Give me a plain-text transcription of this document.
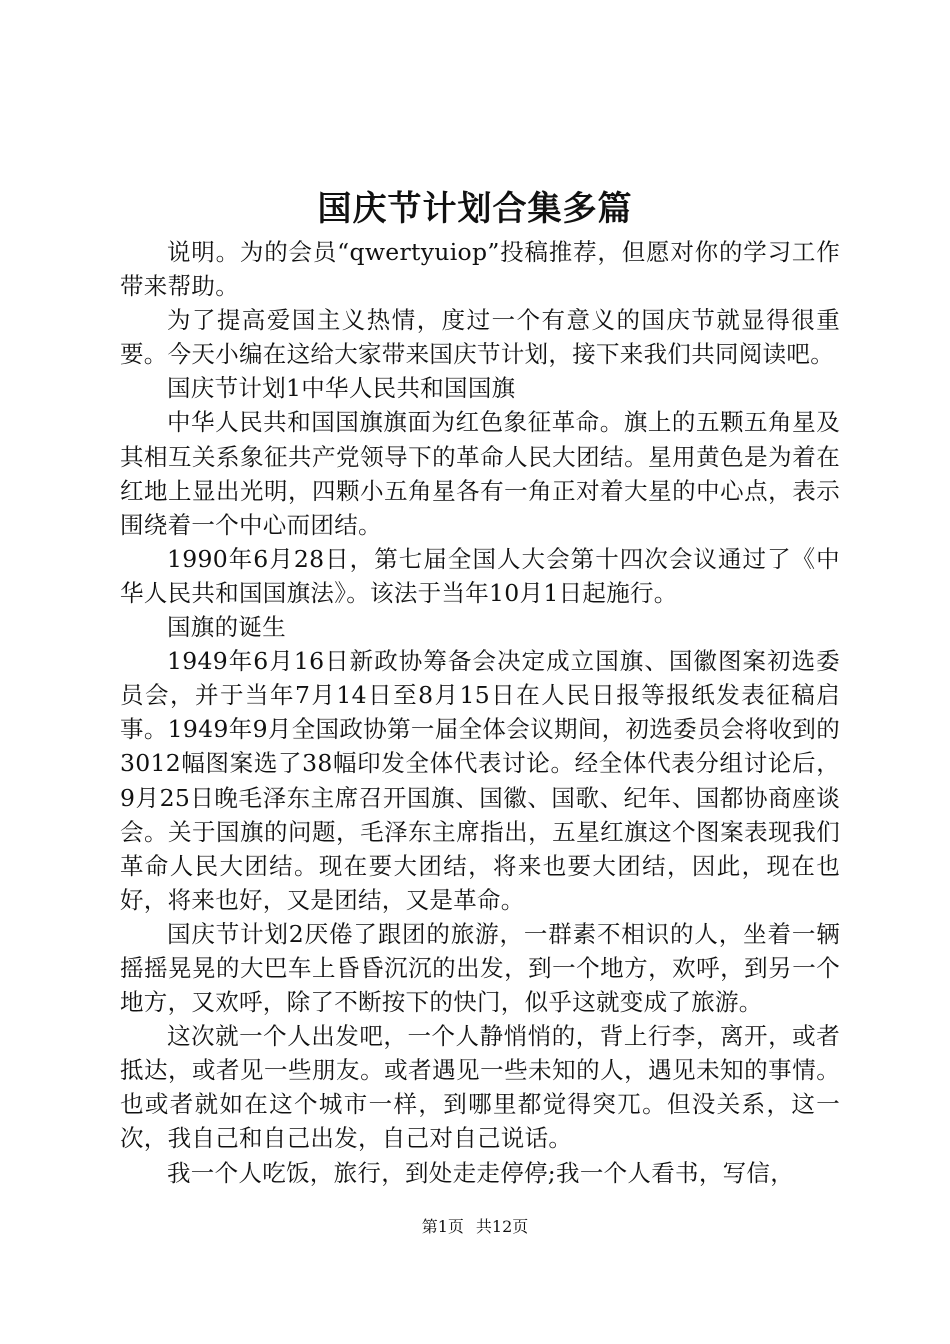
国庆节计划合集多篇

说明。为的会员“qwertyuiop”投稿推荐，但愿对你的学习工作带来帮助。

为了提高爱国主义热情，度过一个有意义的国庆节就显得很重要。今天小编在这给大家带来国庆节计划，接下来我们共同阅读吧。

国庆节计划1中华人民共和国国旗

中华人民共和国国旗旗面为红色象征革命。旗上的五颗五角星及其相互关系象征共产党领导下的革命人民大团结。星用黄色是为着在红地上显出光明，四颗小五角星各有一角正对着大星的中心点，表示围绕着一个中心而团结。

1990年6月28日，第七届全国人大会第十四次会议通过了《中华人民共和国国旗法》。该法于当年10月1日起施行。

国旗的诞生

1949年6月16日新政协筹备会决定成立国旗、国徽图案初选委员会，并于当年7月14日至8月15日在人民日报等报纸发表征稿启事。1949年9月全国政协第一届全体会议期间，初选委员会将收到的3012幅图案选了38幅印发全体代表讨论。经全体代表分组讨论后，9月25日晚毛泽东主席召开国旗、国徽、国歌、纪年、国都协商座谈会。关于国旗的问题，毛泽东主席指出，五星红旗这个图案表现我们革命人民大团结。现在要大团结，将来也要大团结，因此，现在也好，将来也好，又是团结，又是革命。

国庆节计划2厌倦了跟团的旅游，一群素不相识的人，坐着一辆摇摇晃晃的大巴车上昏昏沉沉的出发，到一个地方，欢呼，到另一个地方，又欢呼，除了不断按下的快门，似乎这就变成了旅游。

这次就一个人出发吧，一个人静悄悄的，背上行李，离开，或者抵达，或者见一些朋友。或者遇见一些未知的人，遇见未知的事情。也或者就如在这个城市一样，到哪里都觉得突兀。但没关系，这一次，我自己和自己出发，自己对自己说话。

我一个人吃饭，旅行，到处走走停停;我一个人看书，写信，

第1页 共12页
